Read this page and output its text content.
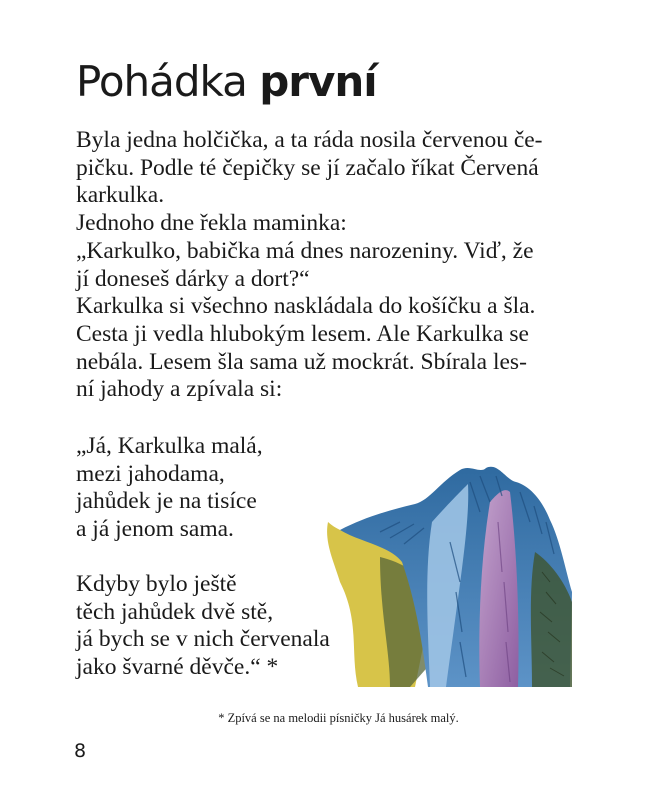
Pohádka první
Byla jedna holčička, a ta ráda nosila červenou če-
pičku. Podle té čepičky se jí začalo říkat Červená
karkulka.
Jednoho dne řekla maminka:
„Karkulko, babička má dnes narozeniny. Viď, že
jí doneseš dárky a dort?“
Karkulka si všechno naskládala do košíčku a šla.
Cesta ji vedla hlubokým lesem. Ale Karkulka se
nebála. Lesem šla sama už mockrát. Sbírala les-
ní jahody a zpívala si:
„Já, Karkulka malá,
mezi jahodama,
jahůdek je na tisíce
a já jenom sama.
Kdyby bylo ještě
těch jahůdek dvě stě,
já bych se v nich červenala
jako švarné děvče.“ *
* Zpívá se na melodii písničky Já husárek malý.
8
